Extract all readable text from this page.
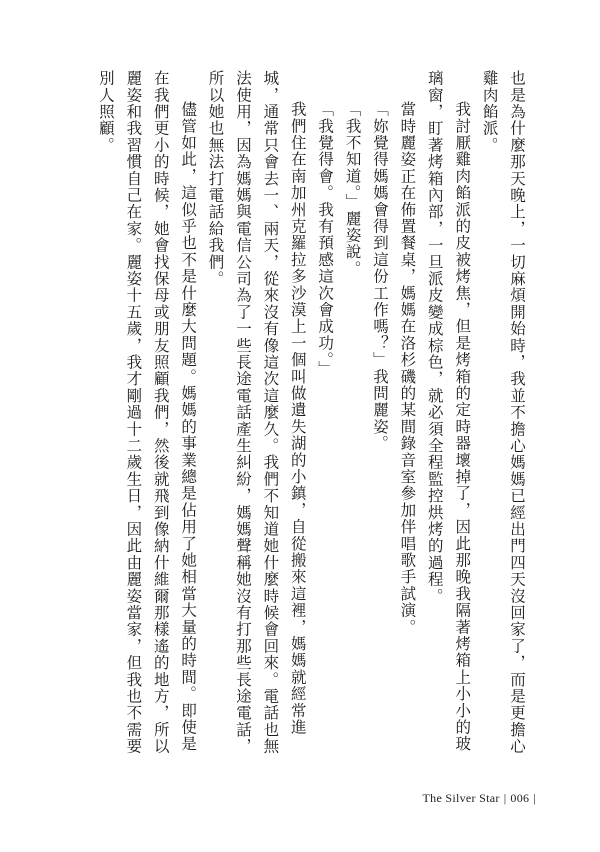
也是為什麼那天晚上，一切麻煩開始時，我並不擔心媽媽已經出門四天沒回家了，而是更擔心雞肉餡派。

我討厭雞肉餡派的皮被烤焦，但是烤箱的定時器壞掉了，因此那晚我隔著烤箱上小小的玻璃窗，盯著烤箱內部，一旦派皮變成棕色，就必須全程監控烘烤的過程。

當時麗姿正在佈置餐桌，媽媽在洛杉磯的某間錄音室參加伴唱歌手試演。

「妳覺得媽媽會得到這份工作嗎？」我問麗姿。

「我不知道。」麗姿說。

「我覺得會。我有預感這次會成功。」

我們住在南加州克羅拉多沙漠上一個叫做遺失湖的小鎮，自從搬來這裡，媽媽就經常進城，通常只會去一、兩天，從來沒有像這次這麼久。我們不知道她什麼時候會回來。電話也無法使用，因為媽媽與電信公司為了一些長途電話產生糾紛，媽媽聲稱她沒有打那些長途電話，所以她也無法打電話給我們。

儘管如此，這似乎也不是什麼大問題。媽媽的事業總是佔用了她相當大量的時間。即使是在我們更小的時候，她會找保母或朋友照顧我們，然後就飛到像納什維爾那樣遙的地方，所以麗姿和我習慣自己在家。麗姿十五歲，我才剛過十二歲生日，因此由麗姿當家，但我也不需要別人照顧。

The Silver Star | 006 |
